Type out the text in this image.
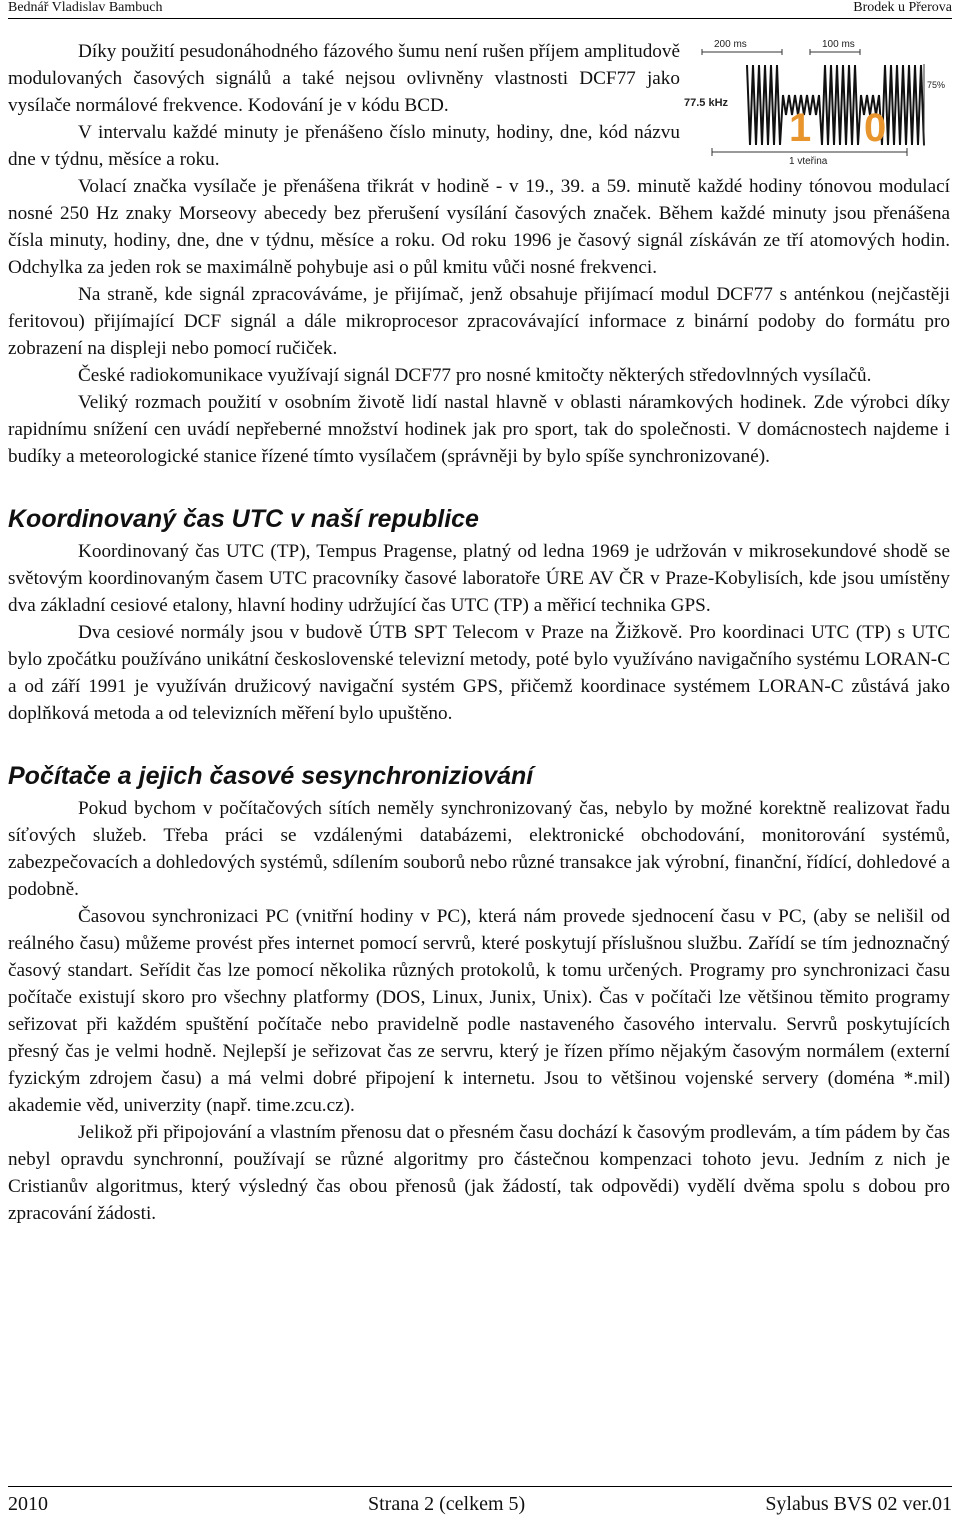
Bednář Vladislav Bambuch	Brodek u Přerova
200 ms	100 ms
77.5 kHz
1 0
75%
1 vteřina

Díky použití pesudonáhodného fázového šumu není rušen příjem amplitudově modulovaných časových signálů a také nejsou ovlivněny vlastnosti DCF77 jako vysílače normálové frekvence. Kodování je v kódu BCD.

V intervalu každé minuty je přenášeno číslo minuty, hodiny, dne, kód názvu dne v týdnu, měsíce a roku.

Volací značka vysílače je přenášena třikrát v hodině - v 19., 39. a 59. minutě každé hodiny tónovou modulací nosné 250 Hz znaky Morseovy abecedy bez přerušení vysílání časových značek. Během každé minuty jsou přenášena čísla minuty, hodiny, dne, dne v týdnu, měsíce a roku. Od roku 1996 je časový signál získáván ze tří atomových hodin. Odchylka za jeden rok se maximálně pohybuje asi o půl kmitu vůči nosné frekvenci.

Na straně, kde signál zpracováváme, je přijímač, jenž obsahuje přijímací modul DCF77 s anténkou (nejčastěji feritovou) přijímající DCF signál a dále mikroprocesor zpracovávající informace z binární podoby do formátu pro zobrazení na displeji nebo pomocí ručiček.

České radiokomunikace využívají signál DCF77 pro nosné kmitočty některých středovlnných vysílačů.

Veliký rozmach použití v osobním životě lidí nastal hlavně v oblasti náramkových hodinek. Zde výrobci díky rapidnímu snížení cen uvádí nepřeberné množství hodinek jak pro sport, tak do společnosti. V domácnostech najdeme i budíky a meteorologické stanice řízené tímto vysílačem (správněji by bylo spíše synchronizované).

Koordinovaný čas UTC v naší republice

Koordinovaný čas UTC (TP), Tempus Pragense, platný od ledna 1969 je udržován v mikrosekundové shodě se světovým koordinovaným časem UTC pracovníky časové laboratoře ÚRE AV ČR v Praze-Kobylisích, kde jsou umístěny dva základní cesiové etalony, hlavní hodiny udržující čas UTC (TP) a měřicí technika GPS.

Dva cesiové normály jsou v budově ÚTB SPT Telecom v Praze na Žižkově. Pro koordinaci UTC (TP) s UTC bylo zpočátku používáno unikátní československé televizní metody, poté bylo využíváno navigačního systému LORAN-C a od září 1991 je využíván družicový navigační systém GPS, přičemž koordinace systémem LORAN-C zůstává jako doplňková metoda a od televizních měření bylo upuštěno.

Počítače a jejich časové sesynchroniziování

Pokud bychom v počítačových sítích neměly synchronizovaný čas, nebylo by možné korektně realizovat řadu síťových služeb. Třeba práci se vzdálenými databázemi, elektronické obchodování, monitorování systémů, zabezpečovacích a dohledových systémů, sdílením souborů nebo různé transakce jak výrobní, finanční, řídící, dohledové a podobně.

Časovou synchronizaci PC (vnitřní hodiny v PC), která nám provede sjednocení času v PC, (aby se nelišil od reálného času) můžeme provést přes internet pomocí servrů, které poskytují příslušnou službu. Zařídí se tím jednoznačný časový standart. Seřídit čas lze pomocí několika různých protokolů, k tomu určených. Programy pro synchronizaci času počítače existují skoro pro všechny platformy (DOS, Linux, Junix, Unix). Čas v počítači lze většinou těmito programy seřizovat při každém spuštění počítače nebo pravidelně podle nastaveného časového intervalu. Servrů poskytujících přesný čas je velmi hodně. Nejlepší je seřizovat čas ze servru, který je řízen přímo nějakým časovým normálem (externí fyzickým zdrojem času) a má velmi dobré připojení k internetu. Jsou to většinou vojenské servery (doména *.mil) akademie věd, univerzity (např. time.zcu.cz).

Jelikož při připojování a vlastním přenosu dat o přesném času dochází k časovým prodlevám, a tím pádem by čas nebyl opravdu synchronní, používají se různé algoritmy pro částečnou kompenzaci tohoto jevu. Jedním z nich je Cristianův algoritmus, který výsledný čas obou přenosů (jak žádostí, tak odpovědi) vydělí dvěma spolu s dobou pro zpracování žádosti.

2010	Strana 2 (celkem 5)	Sylabus BVS 02 ver.01
